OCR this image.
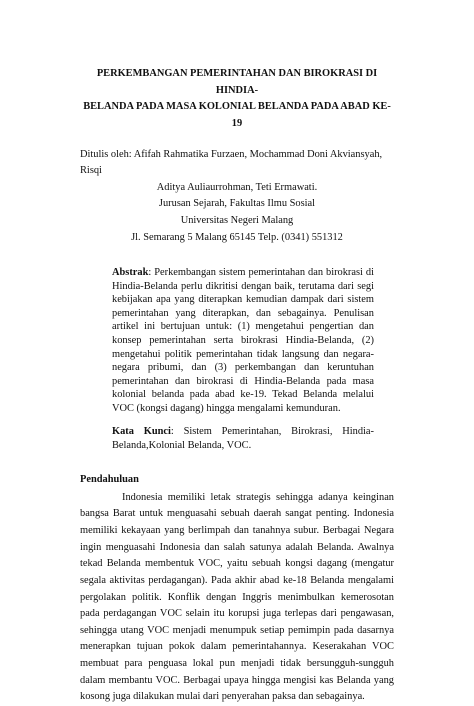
PERKEMBANGAN PEMERINTAHAN DAN BIROKRASI DI HINDIA-
BELANDA PADA MASA KOLONIAL BELANDA PADA ABAD KE-19
Ditulis oleh: Afifah Rahmatika Furzaen, Mochammad Doni Akviansyah, Risqi
Aditya Auliaurrohman, Teti Ermawati.
Jurusan Sejarah, Fakultas Ilmu Sosial
Universitas Negeri Malang
Jl. Semarang 5 Malang 65145 Telp. (0341) 551312
Abstrak: Perkembangan sistem pemerintahan dan birokrasi di Hindia-Belanda perlu dikritisi dengan baik, terutama dari segi kebijakan apa yang diterapkan kemudian dampak dari sistem pemerintahan yang diterapkan, dan sebagainya. Penulisan artikel ini bertujuan untuk: (1) mengetahui pengertian dan konsep pemerintahan serta birokrasi Hindia-Belanda, (2) mengetahui politik pemerintahan tidak langsung dan negara-negara pribumi, dan (3) perkembangan dan keruntuhan pemerintahan dan birokrasi di Hindia-Belanda pada masa kolonial belanda pada abad ke-19. Tekad Belanda melalui VOC (kongsi dagang) hingga mengalami kemunduran.
Kata Kunci: Sistem Pemerintahan, Birokrasi, Hindia-Belanda,Kolonial Belanda, VOC.
Pendahuluan
Indonesia memiliki letak strategis sehingga adanya keinginan bangsa Barat untuk menguasahi sebuah daerah sangat penting. Indonesia memiliki kekayaan yang berlimpah dan tanahnya subur. Berbagai Negara ingin menguasahi Indonesia dan salah satunya adalah Belanda. Awalnya tekad Belanda membentuk VOC, yaitu sebuah kongsi dagang (mengatur segala aktivitas perdagangan). Pada akhir abad ke-18 Belanda mengalami pergolakan politik. Konflik dengan Inggris menimbulkan kemerosotan pada perdagangan VOC selain itu korupsi juga terlepas dari pengawasan, sehingga utang VOC menjadi menumpuk setiap pemimpin pada dasarnya menerapkan tujuan pokok dalam pemerintahannya. Keserakahan VOC membuat para penguasa lokal pun menjadi tidak bersungguh-sungguh dalam membantu VOC. Berbagai upaya hingga mengisi kas Belanda yang kosong juga dilakukan mulai dari penyerahan paksa dan sebagainya.
